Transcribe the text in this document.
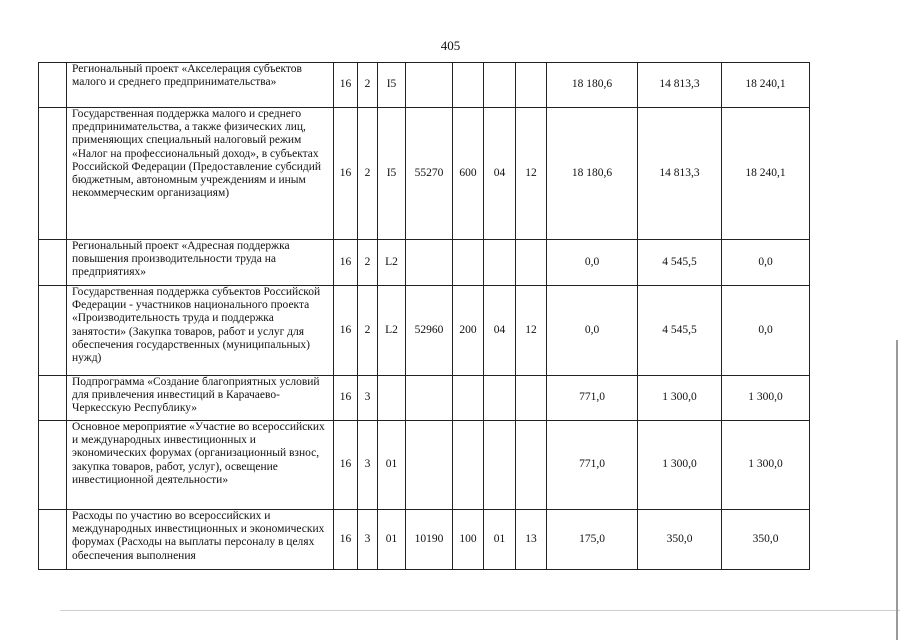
405
	Региональный проект «Акселерация субъектов малого и среднего предпринимательства»	16	2	I5					18 180,6	14 813,3	18 240,1
	Государственная поддержка малого и среднего предпринимательства, а также физических лиц, применяющих специальный налоговый режим «Налог на профессиональный доход», в субъектах Российской Федерации (Предоставление субсидий бюджетным, автономным учреждениям и иным некоммерческим организациям)	16	2	I5	55270	600	04	12	18 180,6	14 813,3	18 240,1
	Региональный проект «Адресная поддержка повышения производительности труда на предприятиях»	16	2	L2					0,0	4 545,5	0,0
	Государственная поддержка субъектов Российской Федерации - участников национального проекта «Производительность труда и поддержка занятости» (Закупка товаров, работ и услуг для обеспечения государственных (муниципальных) нужд)	16	2	L2	52960	200	04	12	0,0	4 545,5	0,0
	Подпрограмма «Создание благоприятных условий для привлечения инвестиций в Карачаево-Черкесскую Республику»	16	3						771,0	1 300,0	1 300,0
	Основное мероприятие «Участие во всероссийских и международных инвестиционных и экономических форумах (организационный взнос, закупка товаров, работ, услуг), освещение инвестиционной деятельности»	16	3	01					771,0	1 300,0	1 300,0
	Расходы по участию во всероссийских и международных инвестиционных и экономических форумах (Расходы на выплаты персоналу в целях обеспечения выполнения	16	3	01	10190	100	01	13	175,0	350,0	350,0
